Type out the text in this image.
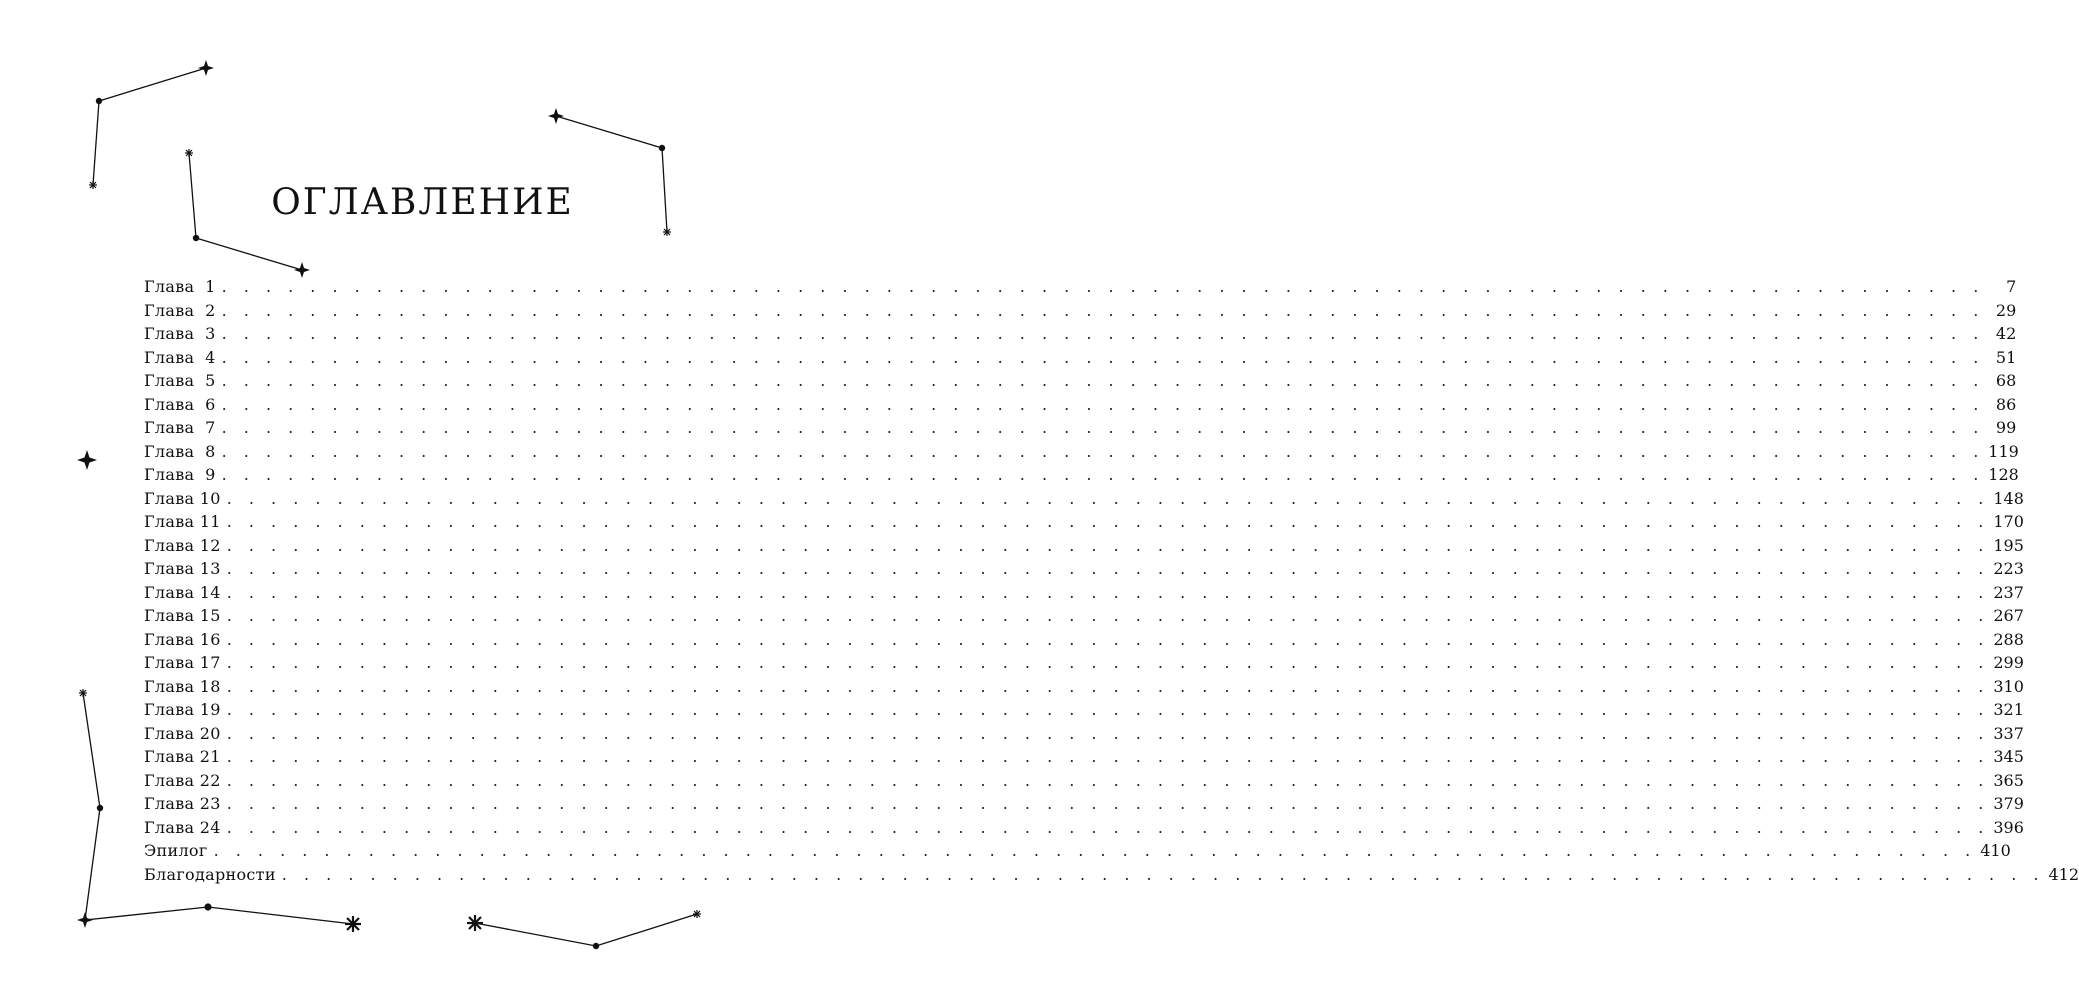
ОГЛАВЛЕНИЕ
Глава  1 . . . . . . . . . . . . . . . . . . . . . . . . . . . . . . . . . . . . . . . . . . . . . . . . . . . . . . . . . . . . . . . . . . . . . . . . . . . . . . . .	7
Глава  2 . . . . . . . . . . . . . . . . . . . . . . . . . . . . . . . . . . . . . . . . . . . . . . . . . . . . . . . . . . . . . . . . . . . . . . . . . . . . . . . . 29
Глава  3 . . . . . . . . . . . . . . . . . . . . . . . . . . . . . . . . . . . . . . . . . . . . . . . . . . . . . . . . . . . . . . . . . . . . . . . . . . . . . . . . 42
Глава  4 . . . . . . . . . . . . . . . . . . . . . . . . . . . . . . . . . . . . . . . . . . . . . . . . . . . . . . . . . . . . . . . . . . . . . . . . . . . . . . . . 51
Глава  5 . . . . . . . . . . . . . . . . . . . . . . . . . . . . . . . . . . . . . . . . . . . . . . . . . . . . . . . . . . . . . . . . . . . . . . . . . . . . . . . . 68
Глава  6 . . . . . . . . . . . . . . . . . . . . . . . . . . . . . . . . . . . . . . . . . . . . . . . . . . . . . . . . . . . . . . . . . . . . . . . . . . . . . . . . 86
Глава  7 . . . . . . . . . . . . . . . . . . . . . . . . . . . . . . . . . . . . . . . . . . . . . . . . . . . . . . . . . . . . . . . . . . . . . . . . . . . . . . . . 99
Глава  8 . . . . . . . . . . . . . . . . . . . . . . . . . . . . . . . . . . . . . . . . . . . . . . . . . . . . . . . . . . . . . . . . . . . . . . . . . . . . . . . . 119
Глава  9 . . . . . . . . . . . . . . . . . . . . . . . . . . . . . . . . . . . . . . . . . . . . . . . . . . . . . . . . . . . . . . . . . . . . . . . . . . . . . . . . 128
Глава 10 . . . . . . . . . . . . . . . . . . . . . . . . . . . . . . . . . . . . . . . . . . . . . . . . . . . . . . . . . . . . . . . . . . . . . . . . . . . . . . . . 148
Глава 11 . . . . . . . . . . . . . . . . . . . . . . . . . . . . . . . . . . . . . . . . . . . . . . . . . . . . . . . . . . . . . . . . . . . . . . . . . . . . . . . . 170
Глава 12 . . . . . . . . . . . . . . . . . . . . . . . . . . . . . . . . . . . . . . . . . . . . . . . . . . . . . . . . . . . . . . . . . . . . . . . . . . . . . . . . 195
Глава 13 . . . . . . . . . . . . . . . . . . . . . . . . . . . . . . . . . . . . . . . . . . . . . . . . . . . . . . . . . . . . . . . . . . . . . . . . . . . . . . . . 223
Глава 14 . . . . . . . . . . . . . . . . . . . . . . . . . . . . . . . . . . . . . . . . . . . . . . . . . . . . . . . . . . . . . . . . . . . . . . . . . . . . . . . . 237
Глава 15 . . . . . . . . . . . . . . . . . . . . . . . . . . . . . . . . . . . . . . . . . . . . . . . . . . . . . . . . . . . . . . . . . . . . . . . . . . . . . . . . 267
Глава 16 . . . . . . . . . . . . . . . . . . . . . . . . . . . . . . . . . . . . . . . . . . . . . . . . . . . . . . . . . . . . . . . . . . . . . . . . . . . . . . . . 288
Глава 17 . . . . . . . . . . . . . . . . . . . . . . . . . . . . . . . . . . . . . . . . . . . . . . . . . . . . . . . . . . . . . . . . . . . . . . . . . . . . . . . . 299
Глава 18 . . . . . . . . . . . . . . . . . . . . . . . . . . . . . . . . . . . . . . . . . . . . . . . . . . . . . . . . . . . . . . . . . . . . . . . . . . . . . . . . 310
Глава 19 . . . . . . . . . . . . . . . . . . . . . . . . . . . . . . . . . . . . . . . . . . . . . . . . . . . . . . . . . . . . . . . . . . . . . . . . . . . . . . . . 321
Глава 20 . . . . . . . . . . . . . . . . . . . . . . . . . . . . . . . . . . . . . . . . . . . . . . . . . . . . . . . . . . . . . . . . . . . . . . . . . . . . . . . . 337
Глава 21 . . . . . . . . . . . . . . . . . . . . . . . . . . . . . . . . . . . . . . . . . . . . . . . . . . . . . . . . . . . . . . . . . . . . . . . . . . . . . . . . 345
Глава 22 . . . . . . . . . . . . . . . . . . . . . . . . . . . . . . . . . . . . . . . . . . . . . . . . . . . . . . . . . . . . . . . . . . . . . . . . . . . . . . . . 365
Глава 23 . . . . . . . . . . . . . . . . . . . . . . . . . . . . . . . . . . . . . . . . . . . . . . . . . . . . . . . . . . . . . . . . . . . . . . . . . . . . . . . . 379
Глава 24 . . . . . . . . . . . . . . . . . . . . . . . . . . . . . . . . . . . . . . . . . . . . . . . . . . . . . . . . . . . . . . . . . . . . . . . . . . . . . . . . 396
Эпилог . . . . . . . . . . . . . . . . . . . . . . . . . . . . . . . . . . . . . . . . . . . . . . . . . . . . . . . . . . . . . . . . . . . . . . . . . . . . . . . . 410
Благодарности . . . . . . . . . . . . . . . . . . . . . . . . . . . . . . . . . . . . . . . . . . . . . . . . . . . . . . . . . . . . . . . . . . . . . . . . . . . . . . . . 412
